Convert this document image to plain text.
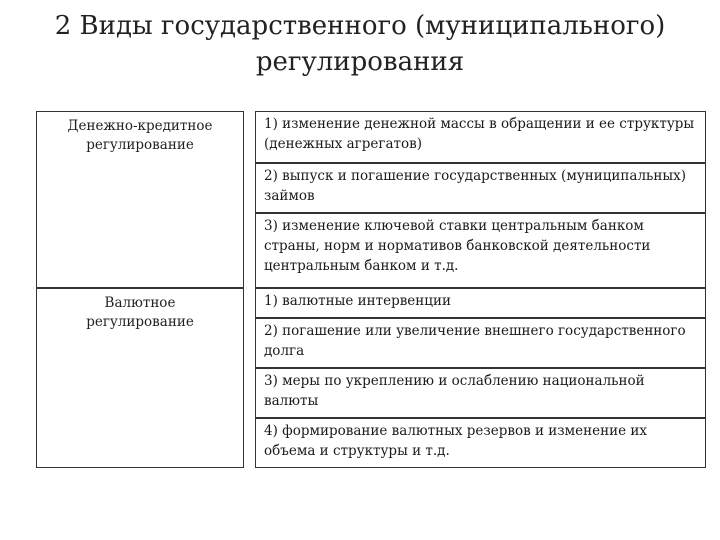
2 Виды государственного (муниципального)
регулирования
Денежно-кредитное
регулирование
1) изменение денежной массы в обращении и ее структуры (денежных агрегатов)
2) выпуск и погашение государственных (муниципальных) займов
3) изменение ключевой ставки центральным банком страны, норм и нормативов банковской деятельности центральным банком и т.д.
Валютное
регулирование
1) валютные интервенции
2) погашение или увеличение внешнего государственного долга
3) меры по укреплению и ослаблению национальной валюты
4) формирование валютных резервов и изменение их объема и структуры и т.д.
